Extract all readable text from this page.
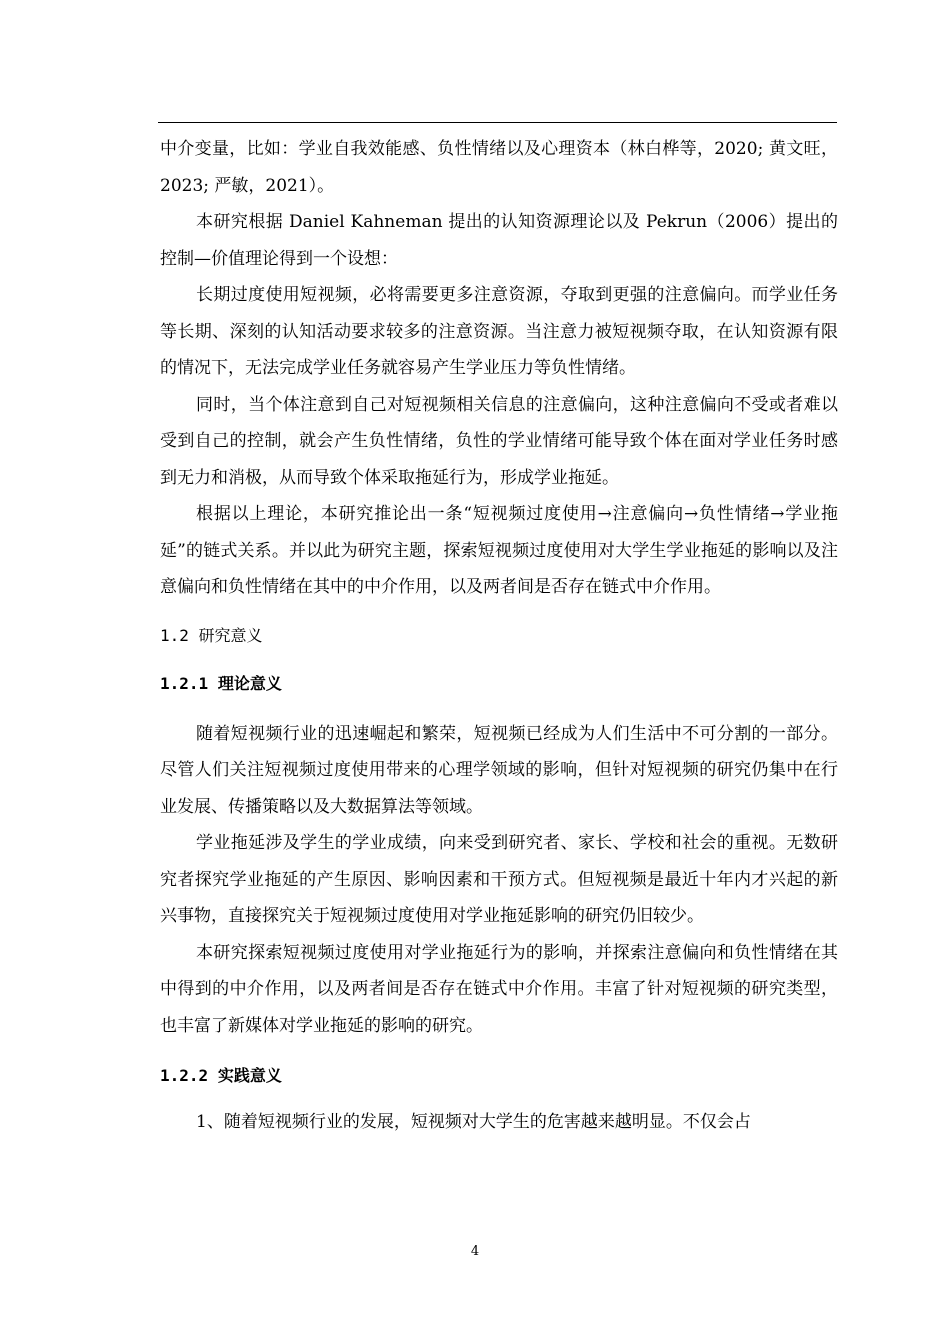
中介变量，比如：学业自我效能感、负性情绪以及心理资本（林白桦等，2020; 黄文旺，2023; 严敏，2021）。

本研究根据 Daniel Kahneman 提出的认知资源理论以及 Pekrun（2006）提出的控制—价值理论得到一个设想：

长期过度使用短视频，必将需要更多注意资源，夺取到更强的注意偏向。而学业任务等长期、深刻的认知活动要求较多的注意资源。当注意力被短视频夺取，在认知资源有限的情况下，无法完成学业任务就容易产生学业压力等负性情绪。

同时，当个体注意到自己对短视频相关信息的注意偏向，这种注意偏向不受或者难以受到自己的控制，就会产生负性情绪，负性的学业情绪可能导致个体在面对学业任务时感到无力和消极，从而导致个体采取拖延行为，形成学业拖延。

根据以上理论，本研究推论出一条“短视频过度使用→注意偏向→负性情绪→学业拖延”的链式关系。并以此为研究主题，探索短视频过度使用对大学生学业拖延的影响以及注意偏向和负性情绪在其中的中介作用，以及两者间是否存在链式中介作用。

1.2 研究意义
1.2.1 理论意义

随着短视频行业的迅速崛起和繁荣，短视频已经成为人们生活中不可分割的一部分。尽管人们关注短视频过度使用带来的心理学领域的影响，但针对短视频的研究仍集中在行业发展、传播策略以及大数据算法等领域。

学业拖延涉及学生的学业成绩，向来受到研究者、家长、学校和社会的重视。无数研究者探究学业拖延的产生原因、影响因素和干预方式。但短视频是最近十年内才兴起的新兴事物，直接探究关于短视频过度使用对学业拖延影响的研究仍旧较少。

本研究探索短视频过度使用对学业拖延行为的影响，并探索注意偏向和负性情绪在其中得到的中介作用，以及两者间是否存在链式中介作用。丰富了针对短视频的研究类型，也丰富了新媒体对学业拖延的影响的研究。

1.2.2 实践意义

1、随着短视频行业的发展，短视频对大学生的危害越来越明显。不仅会占

4
